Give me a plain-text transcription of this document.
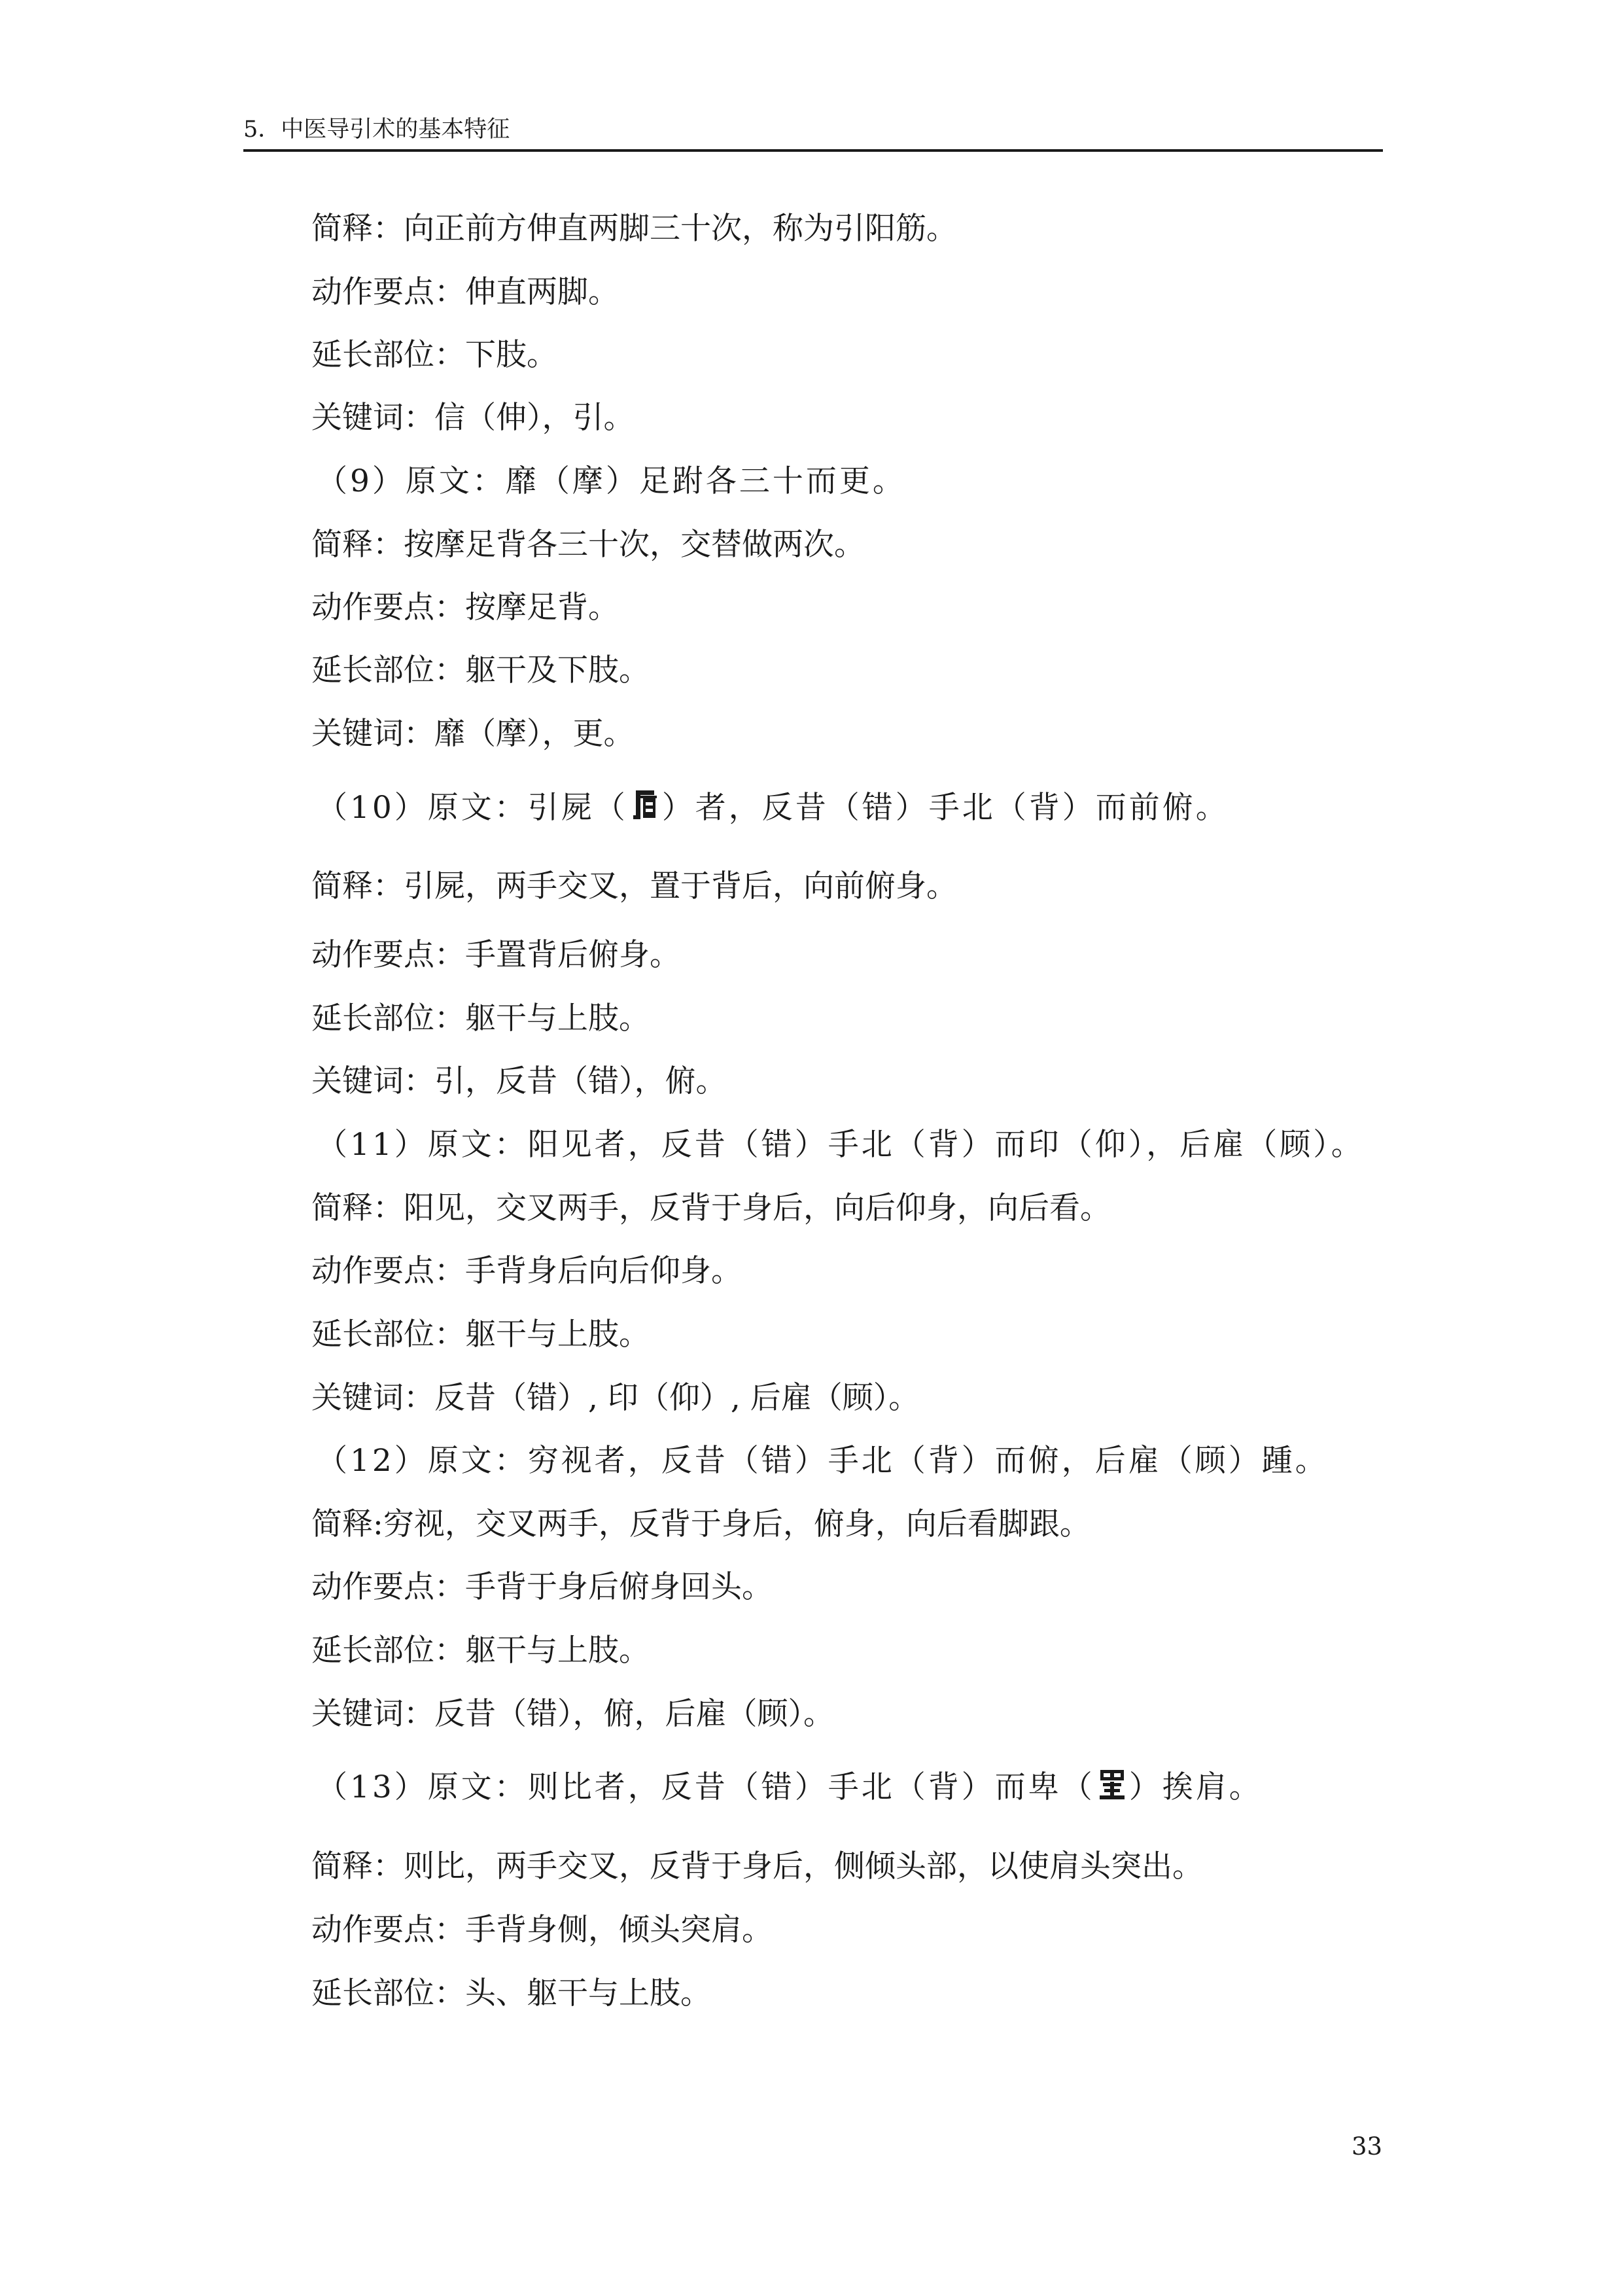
5．中医导引术的基本特征
简释：向正前方伸直两脚三十次，称为引阳筋。
动作要点：伸直两脚。
延长部位：下肢。
关键词：信（伸），引。
（9）原文：靡（摩）足跗各三十而更。
简释：按摩足背各三十次，交替做两次。
动作要点：按摩足背。
延长部位：躯干及下肢。
关键词：靡（摩），更。
（10）原文：引屍（ ）者，反昔（错）手北（背）而前俯。
简释：引屍，两手交叉，置于背后，向前俯身。
动作要点：手置背后俯身。
延长部位：躯干与上肢。
关键词：引，反昔（错），俯。
（11）原文：阳见者，反昔（错）手北（背）而印（仰），后雇（顾）。
简释：阳见，交叉两手，反背于身后，向后仰身，向后看。
动作要点：手背身后向后仰身。
延长部位：躯干与上肢。
关键词：反昔（错）, 印（仰）, 后雇（顾）。
（12）原文：穷视者，反昔（错）手北（背）而俯，后雇（顾）踵。
简释:穷视，交叉两手，反背于身后，俯身，向后看脚跟。
动作要点：手背于身后俯身回头。
延长部位：躯干与上肢。
关键词：反昔（错），俯，后雇（顾）。
（13）原文：则比者，反昔（错）手北（背）而卑（ ）挨肩。
简释：则比，两手交叉，反背于身后，侧倾头部，以使肩头突出。
动作要点：手背身侧，倾头突肩。
延长部位：头、躯干与上肢。
33
